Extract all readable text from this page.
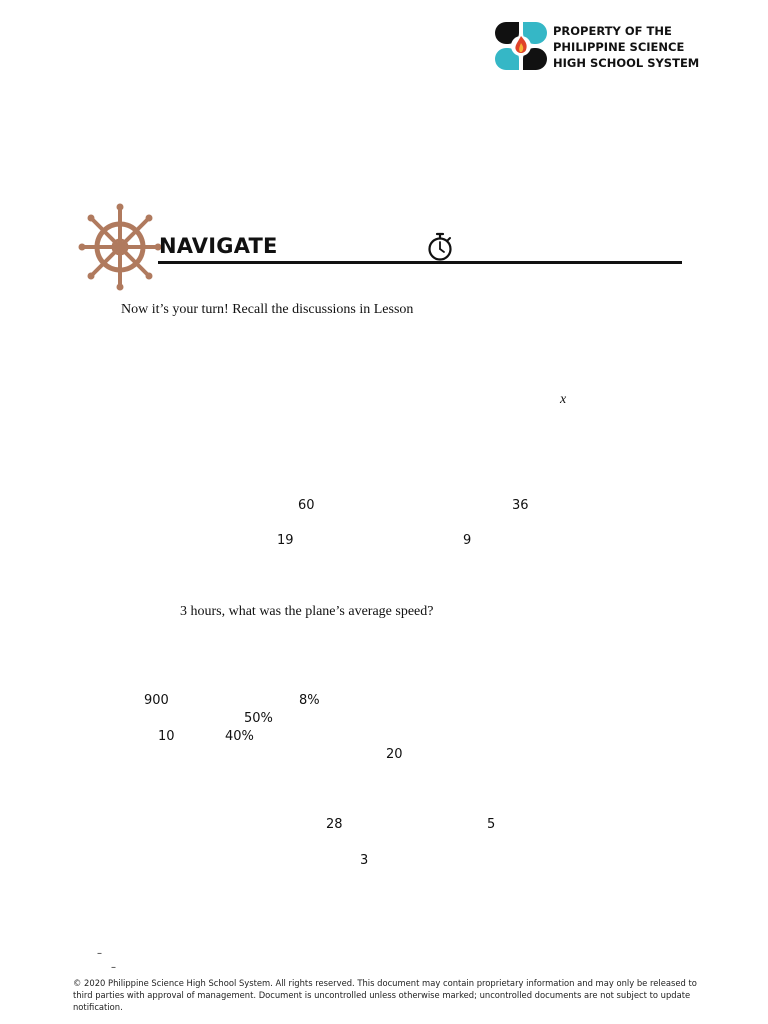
PROPERTY OF THE
PHILIPPINE SCIENCE
HIGH SCHOOL SYSTEM
NAVIGATE
Now it’s your turn! Recall the discussions in Lesson
x
60	36
19	9
3 hours, what was the plane’s average speed?
900	8%
50%
10	40%
20
28	5
3
–
–
© 2020 Philippine Science High School System. All rights reserved. This document may contain proprietary information and may only be released to third parties with approval of management. Document is uncontrolled unless otherwise marked; uncontrolled documents are not subject to update notification.
